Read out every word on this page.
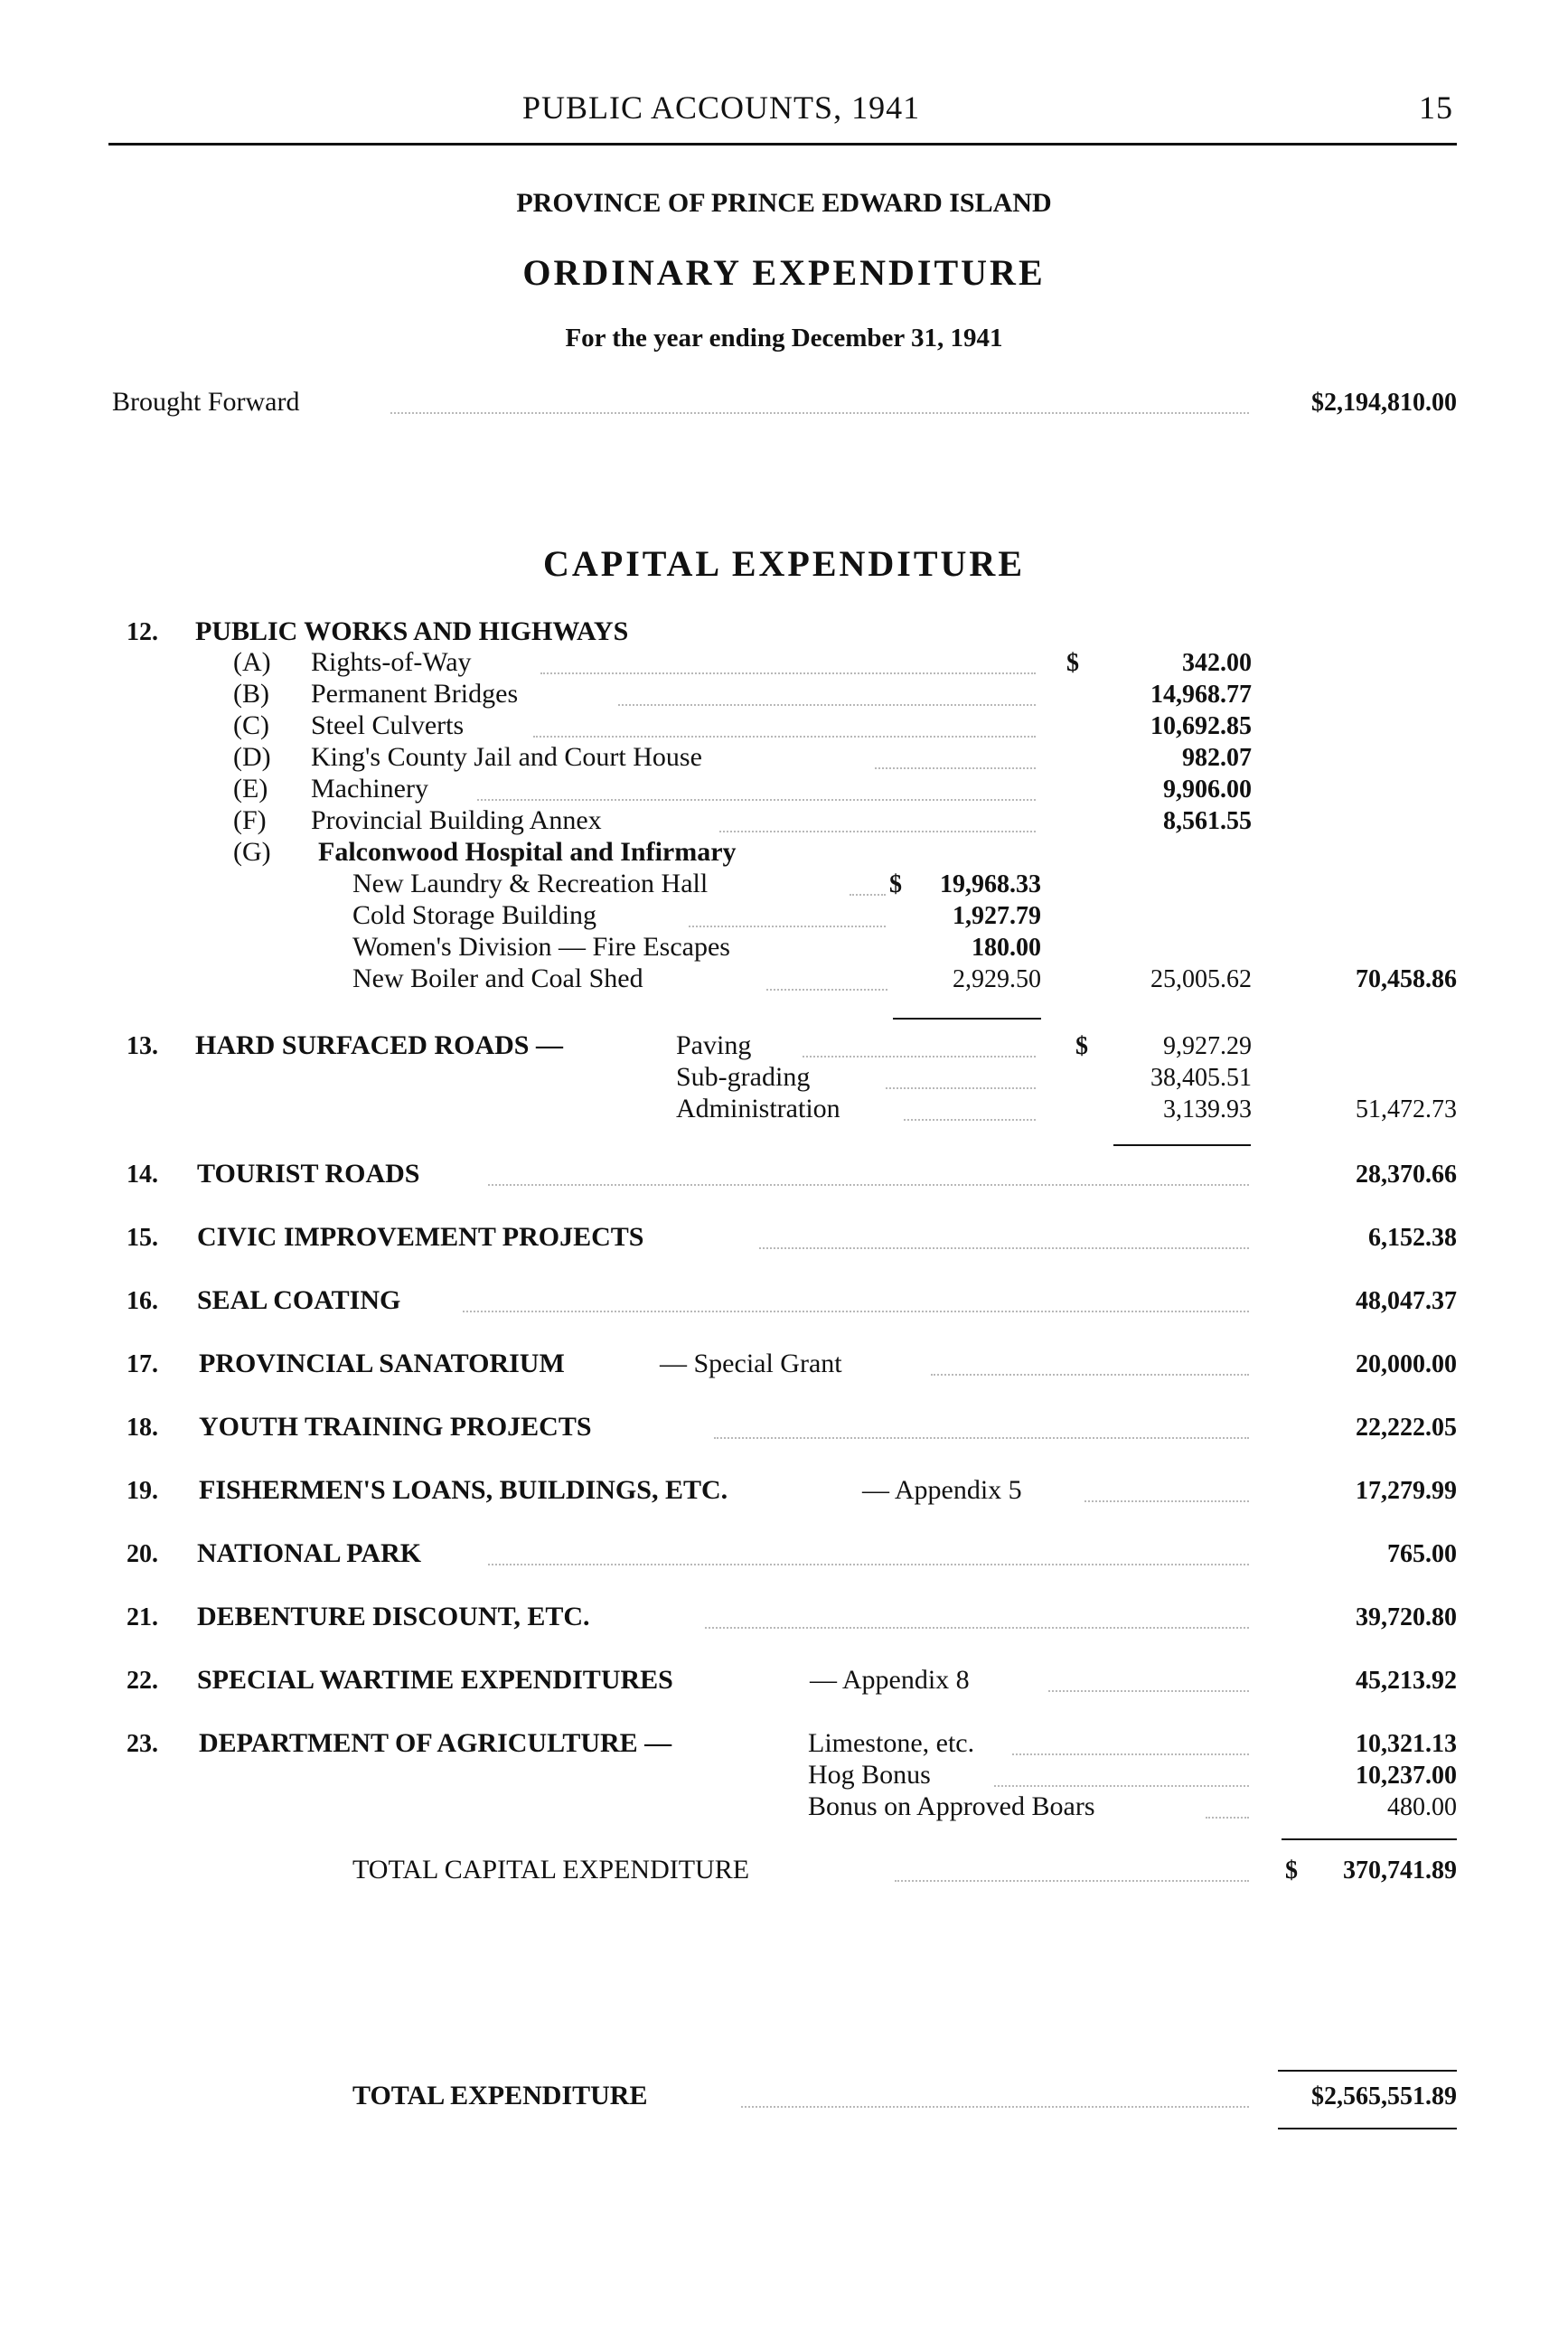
PUBLIC ACCOUNTS, 1941	15
PROVINCE OF PRINCE EDWARD ISLAND
ORDINARY EXPENDITURE
For the year ending December 31, 1941
Brought Forward	$2,194,810.00
CAPITAL EXPENDITURE
12. PUBLIC WORKS AND HIGHWAYS
(A) Rights-of-Way	$	342.00
(B) Permanent Bridges	14,968.77
(C) Steel Culverts	10,692.85
(D) King's County Jail and Court House	982.07
(E) Machinery	9,906.00
(F) Provincial Building Annex	8,561.55
(G) Falconwood Hospital and Infirmary
New Laundry & Recreation Hall	$	19,968.33
Cold Storage Building	1,927.79
Women's Division — Fire Escapes	180.00
New Boiler and Coal Shed	2,929.50	25,005.62	70,458.86
13. HARD SURFACED ROADS —	Paving	$	9,927.29
Sub-grading	38,405.51
Administration	3,139.93	51,472.73
14. TOURIST ROADS	28,370.66
15. CIVIC IMPROVEMENT PROJECTS	6,152.38
16. SEAL COATING	48,047.37
17. PROVINCIAL SANATORIUM	— Special Grant	20,000.00
18. YOUTH TRAINING PROJECTS	22,222.05
19. FISHERMEN'S LOANS, BUILDINGS, ETC.	— Appendix 5	17,279.99
20. NATIONAL PARK	765.00
21. DEBENTURE DISCOUNT, ETC.	39,720.80
22. SPECIAL WARTIME EXPENDITURES	— Appendix 8	45,213.92
23. DEPARTMENT OF AGRICULTURE —	Limestone, etc.	10,321.13
Hog Bonus	10,237.00
Bonus on Approved Boars	480.00
TOTAL CAPITAL EXPENDITURE	$	370,741.89
TOTAL EXPENDITURE	$2,565,551.89
